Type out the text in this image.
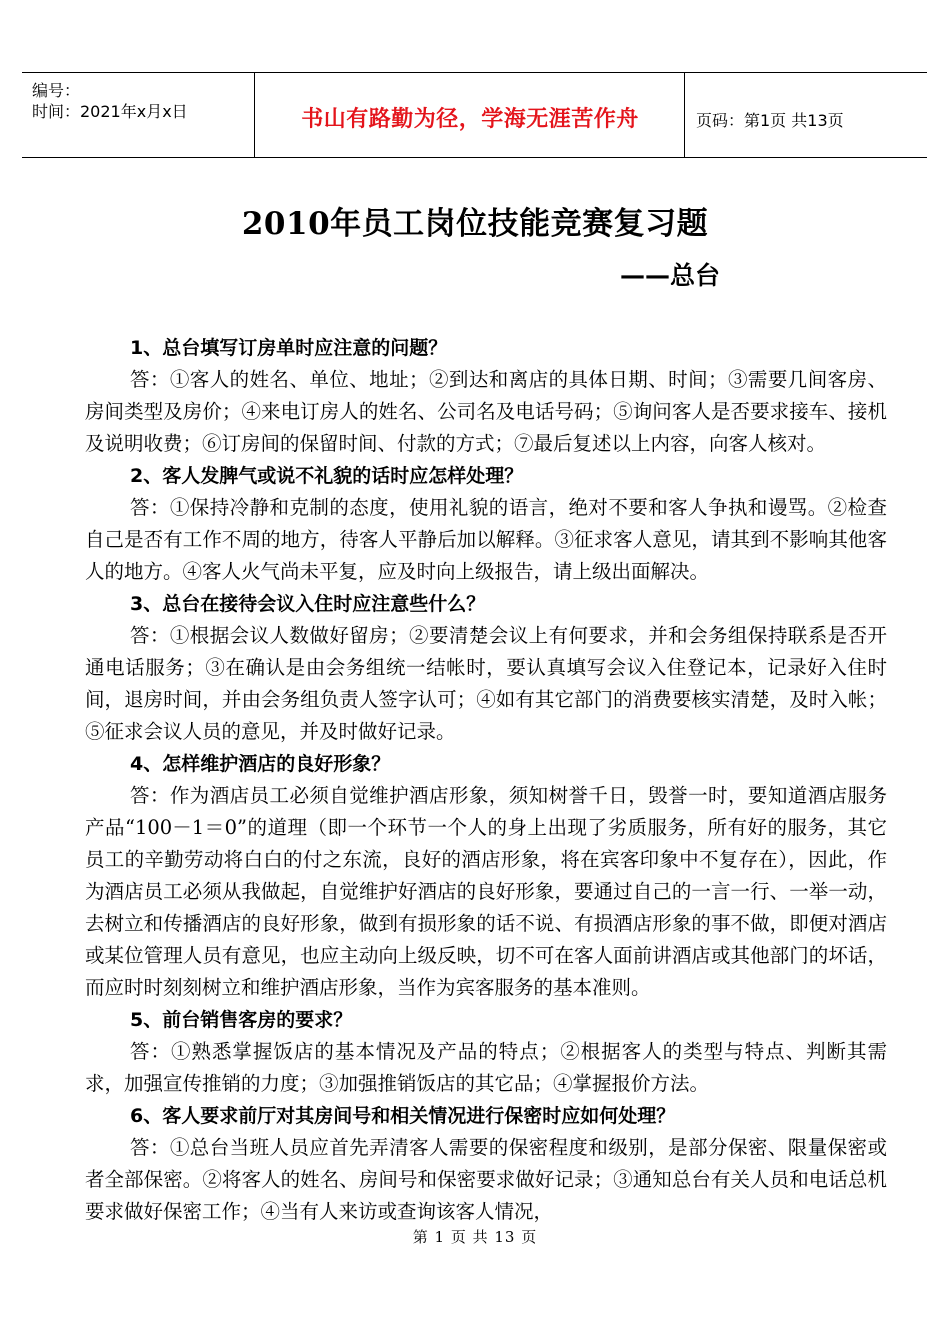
编号：
时间：2021年x月x日	书山有路勤为径，学海无涯苦作舟	页码：第1页 共13页
2010年员工岗位技能竞赛复习题
——总台

1、总台填写订房单时应注意的问题？

答：①客人的姓名、单位、地址；②到达和离店的具体日期、时间；③需要几间客房、房间类型及房价；④来电订房人的姓名、公司名及电话号码；⑤询问客人是否要求接车、接机及说明收费；⑥订房间的保留时间、付款的方式；⑦最后复述以上内容，向客人核对。

2、客人发脾气或说不礼貌的话时应怎样处理？

答：①保持冷静和克制的态度，使用礼貌的语言，绝对不要和客人争执和谩骂。②检查自己是否有工作不周的地方，待客人平静后加以解释。③征求客人意见，请其到不影响其他客人的地方。④客人火气尚未平复，应及时向上级报告，请上级出面解决。

3、总台在接待会议入住时应注意些什么？

答：①根据会议人数做好留房；②要清楚会议上有何要求，并和会务组保持联系是否开通电话服务；③在确认是由会务组统一结帐时，要认真填写会议入住登记本，记录好入住时间，退房时间，并由会务组负责人签字认可；④如有其它部门的消费要核实清楚，及时入帐；⑤征求会议人员的意见，并及时做好记录。

4、怎样维护酒店的良好形象？

答：作为酒店员工必须自觉维护酒店形象，须知树誉千日，毁誉一时，要知道酒店服务产品“100－1＝0”的道理（即一个环节一个人的身上出现了劣质服务，所有好的服务，其它员工的辛勤劳动将白白的付之东流，良好的酒店形象，将在宾客印象中不复存在），因此，作为酒店员工必须从我做起，自觉维护好酒店的良好形象，要通过自己的一言一行、一举一动，去树立和传播酒店的良好形象，做到有损形象的话不说、有损酒店形象的事不做，即便对酒店或某位管理人员有意见，也应主动向上级反映，切不可在客人面前讲酒店或其他部门的坏话，而应时时刻刻树立和维护酒店形象，当作为宾客服务的基本准则。

5、前台销售客房的要求？

答：①熟悉掌握饭店的基本情况及产品的特点；②根据客人的类型与特点、判断其需求，加强宣传推销的力度；③加强推销饭店的其它品；④掌握报价方法。

6、客人要求前厅对其房间号和相关情况进行保密时应如何处理？

答：①总台当班人员应首先弄清客人需要的保密程度和级别，是部分保密、限量保密或者全部保密。②将客人的姓名、房间号和保密要求做好记录；③通知总台有关人员和电话总机要求做好保密工作；④当有人来访或查询该客人情况，

第 1 页 共 13 页
